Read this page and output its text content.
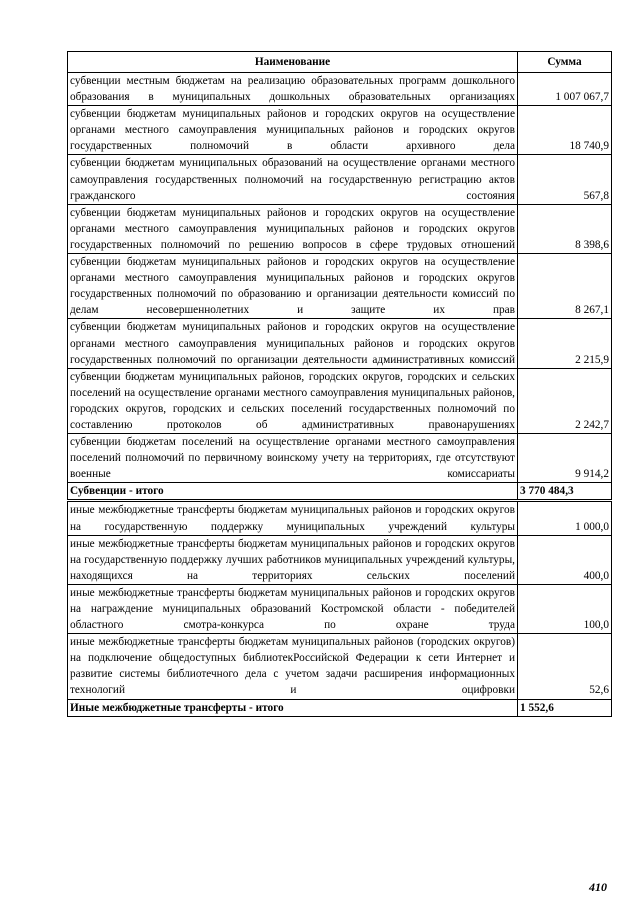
Наименование	Сумма
субвенции местным бюджетам на реализацию образовательных программ дошкольного образования в муниципальных дошкольных образовательных организациях	1 007 067,7
субвенции бюджетам муниципальных районов и городских округов на осуществление органами местного самоуправления муниципальных районов и городских округов государственных полномочий в области архивного дела	18 740,9
субвенции бюджетам муниципальных образований на осуществление органами местного самоуправления государственных полномочий на государственную регистрацию актов гражданского состояния	567,8
субвенции бюджетам муниципальных районов и городских округов на осуществление органами местного самоуправления муниципальных районов и городских округов государственных полномочий по решению вопросов в сфере трудовых отношений	8 398,6
субвенции бюджетам муниципальных районов и городских округов на осуществление органами местного самоуправления муниципальных районов и городских округов государственных полномочий по образованию и организации деятельности комиссий по делам несовершеннолетних и защите их прав	8 267,1
субвенции бюджетам муниципальных районов и городских округов на осуществление органами местного самоуправления муниципальных районов и городских округов государственных полномочий по организации деятельности административных комиссий	2 215,9
субвенции бюджетам муниципальных районов, городских округов, городских и сельских поселений на осуществление органами местного самоуправления муниципальных районов, городских округов, городских и сельских поселений государственных полномочий по составлению протоколов об административных правонарушениях	2 242,7
субвенции бюджетам поселений на осуществление органами местного самоуправления поселений полномочий по первичному воинскому учету на территориях, где отсутствуют военные комиссариаты	9 914,2
Субвенции - итого	3 770 484,3
иные межбюджетные трансферты бюджетам муниципальных районов и городских округов на государственную поддержку муниципальных учреждений культуры	1 000,0
иные межбюджетные трансферты бюджетам муниципальных районов и городских округов на государственную поддержку лучших работников муниципальных учреждений культуры, находящихся на территориях сельских поселений	400,0
иные межбюджетные трансферты бюджетам муниципальных районов и городских округов на награждение муниципальных образований Костромской области - победителей областного смотра-конкурса по охране труда	100,0
иные межбюджетные трансферты бюджетам муниципальных районов (городских округов) на подключение общедоступных библиотекРоссийской Федерации к сети Интернет и развитие системы библиотечного дела с учетом задачи расширения информационных технологий и оцифровки	52,6
Иные межбюджетные трансферты - итого	1 552,6
410
